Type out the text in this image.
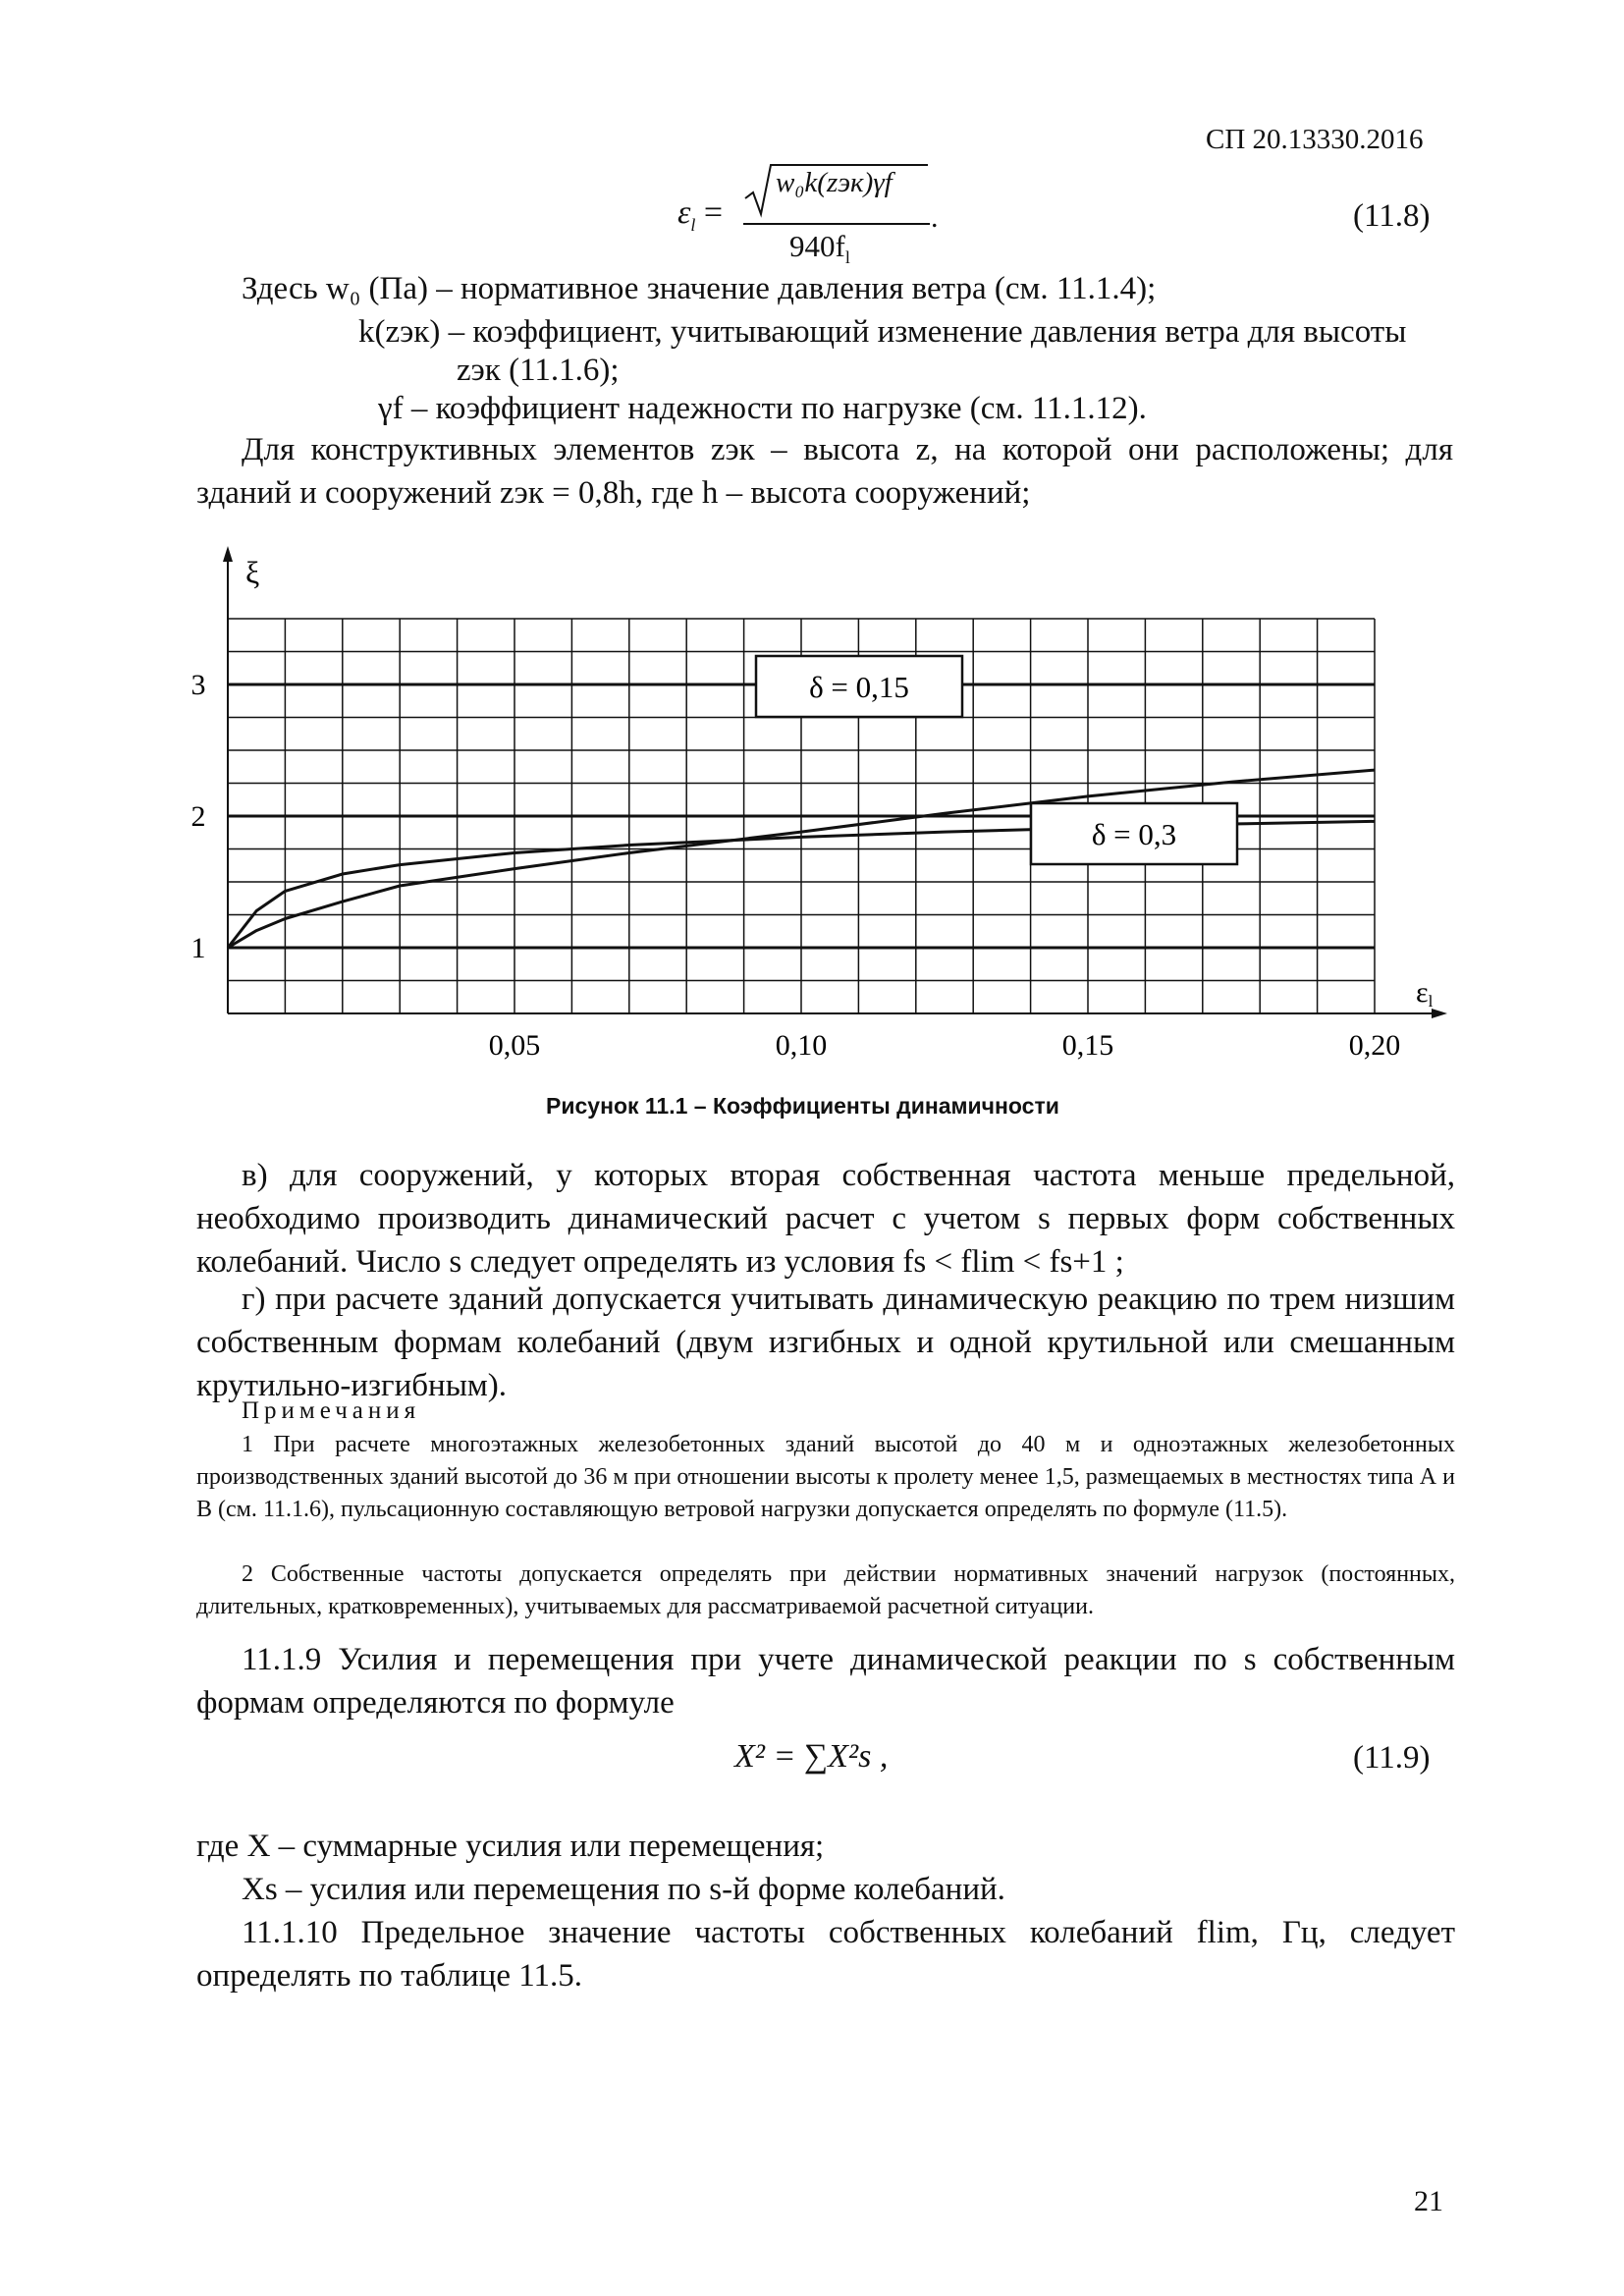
СП 20.13330.2016
$\varepsilon_l$ =
w₀k(zэк)γf
$940f_l$
.	(11.8)
Здесь w₀ (Па) – нормативное значение давления ветра (см. 11.1.4);
k(zэк) – коэффициент, учитывающий изменение давления ветра для высоты
zэк (11.1.6);
γf – коэффициент надежности по нагрузке (см. 11.1.12).
Для конструктивных элементов zэк – высота z, на которой они расположены; для зданий и сооружений zэк = 0,8h, где h – высота сооружений;
ξ
εl
0,05	0,10	0,15	0,20
1
2
3	δ = 0,15
δ = 0,3
Рисунок 11.1 – Коэффициенты динамичности
в) для сооружений, у которых вторая собственная частота меньше предельной, необходимо производить динамический расчет с учетом s первых форм собственных колебаний. Число s следует определять из условия fs < flim < fs+1 ;
г) при расчете зданий допускается учитывать динамическую реакцию по трем низшим собственным формам колебаний (двум изгибных и одной крутильной или смешанным крутильно-изгибным).
Примечания
1 При расчете многоэтажных железобетонных зданий высотой до 40 м и одноэтажных железобетонных производственных зданий высотой до 36 м при отношении высоты к пролету менее 1,5, размещаемых в местностях типа А и В (см. 11.1.6), пульсационную составляющую ветровой нагрузки допускается определять по формуле (11.5).
2 Собственные частоты допускается определять при действии нормативных значений нагрузок (постоянных, длительных, кратковременных), учитываемых для рассматриваемой расчетной ситуации.
11.1.9 Усилия и перемещения при учете динамической реакции по s собственным формам определяются по формуле
X² = ∑X²s ,	(11.9)
где X – суммарные усилия или перемещения;
Xs – усилия или перемещения по s-й форме колебаний.
11.1.10 Предельное значение частоты собственных колебаний flim, Гц, следует определять по таблице 11.5.
21
